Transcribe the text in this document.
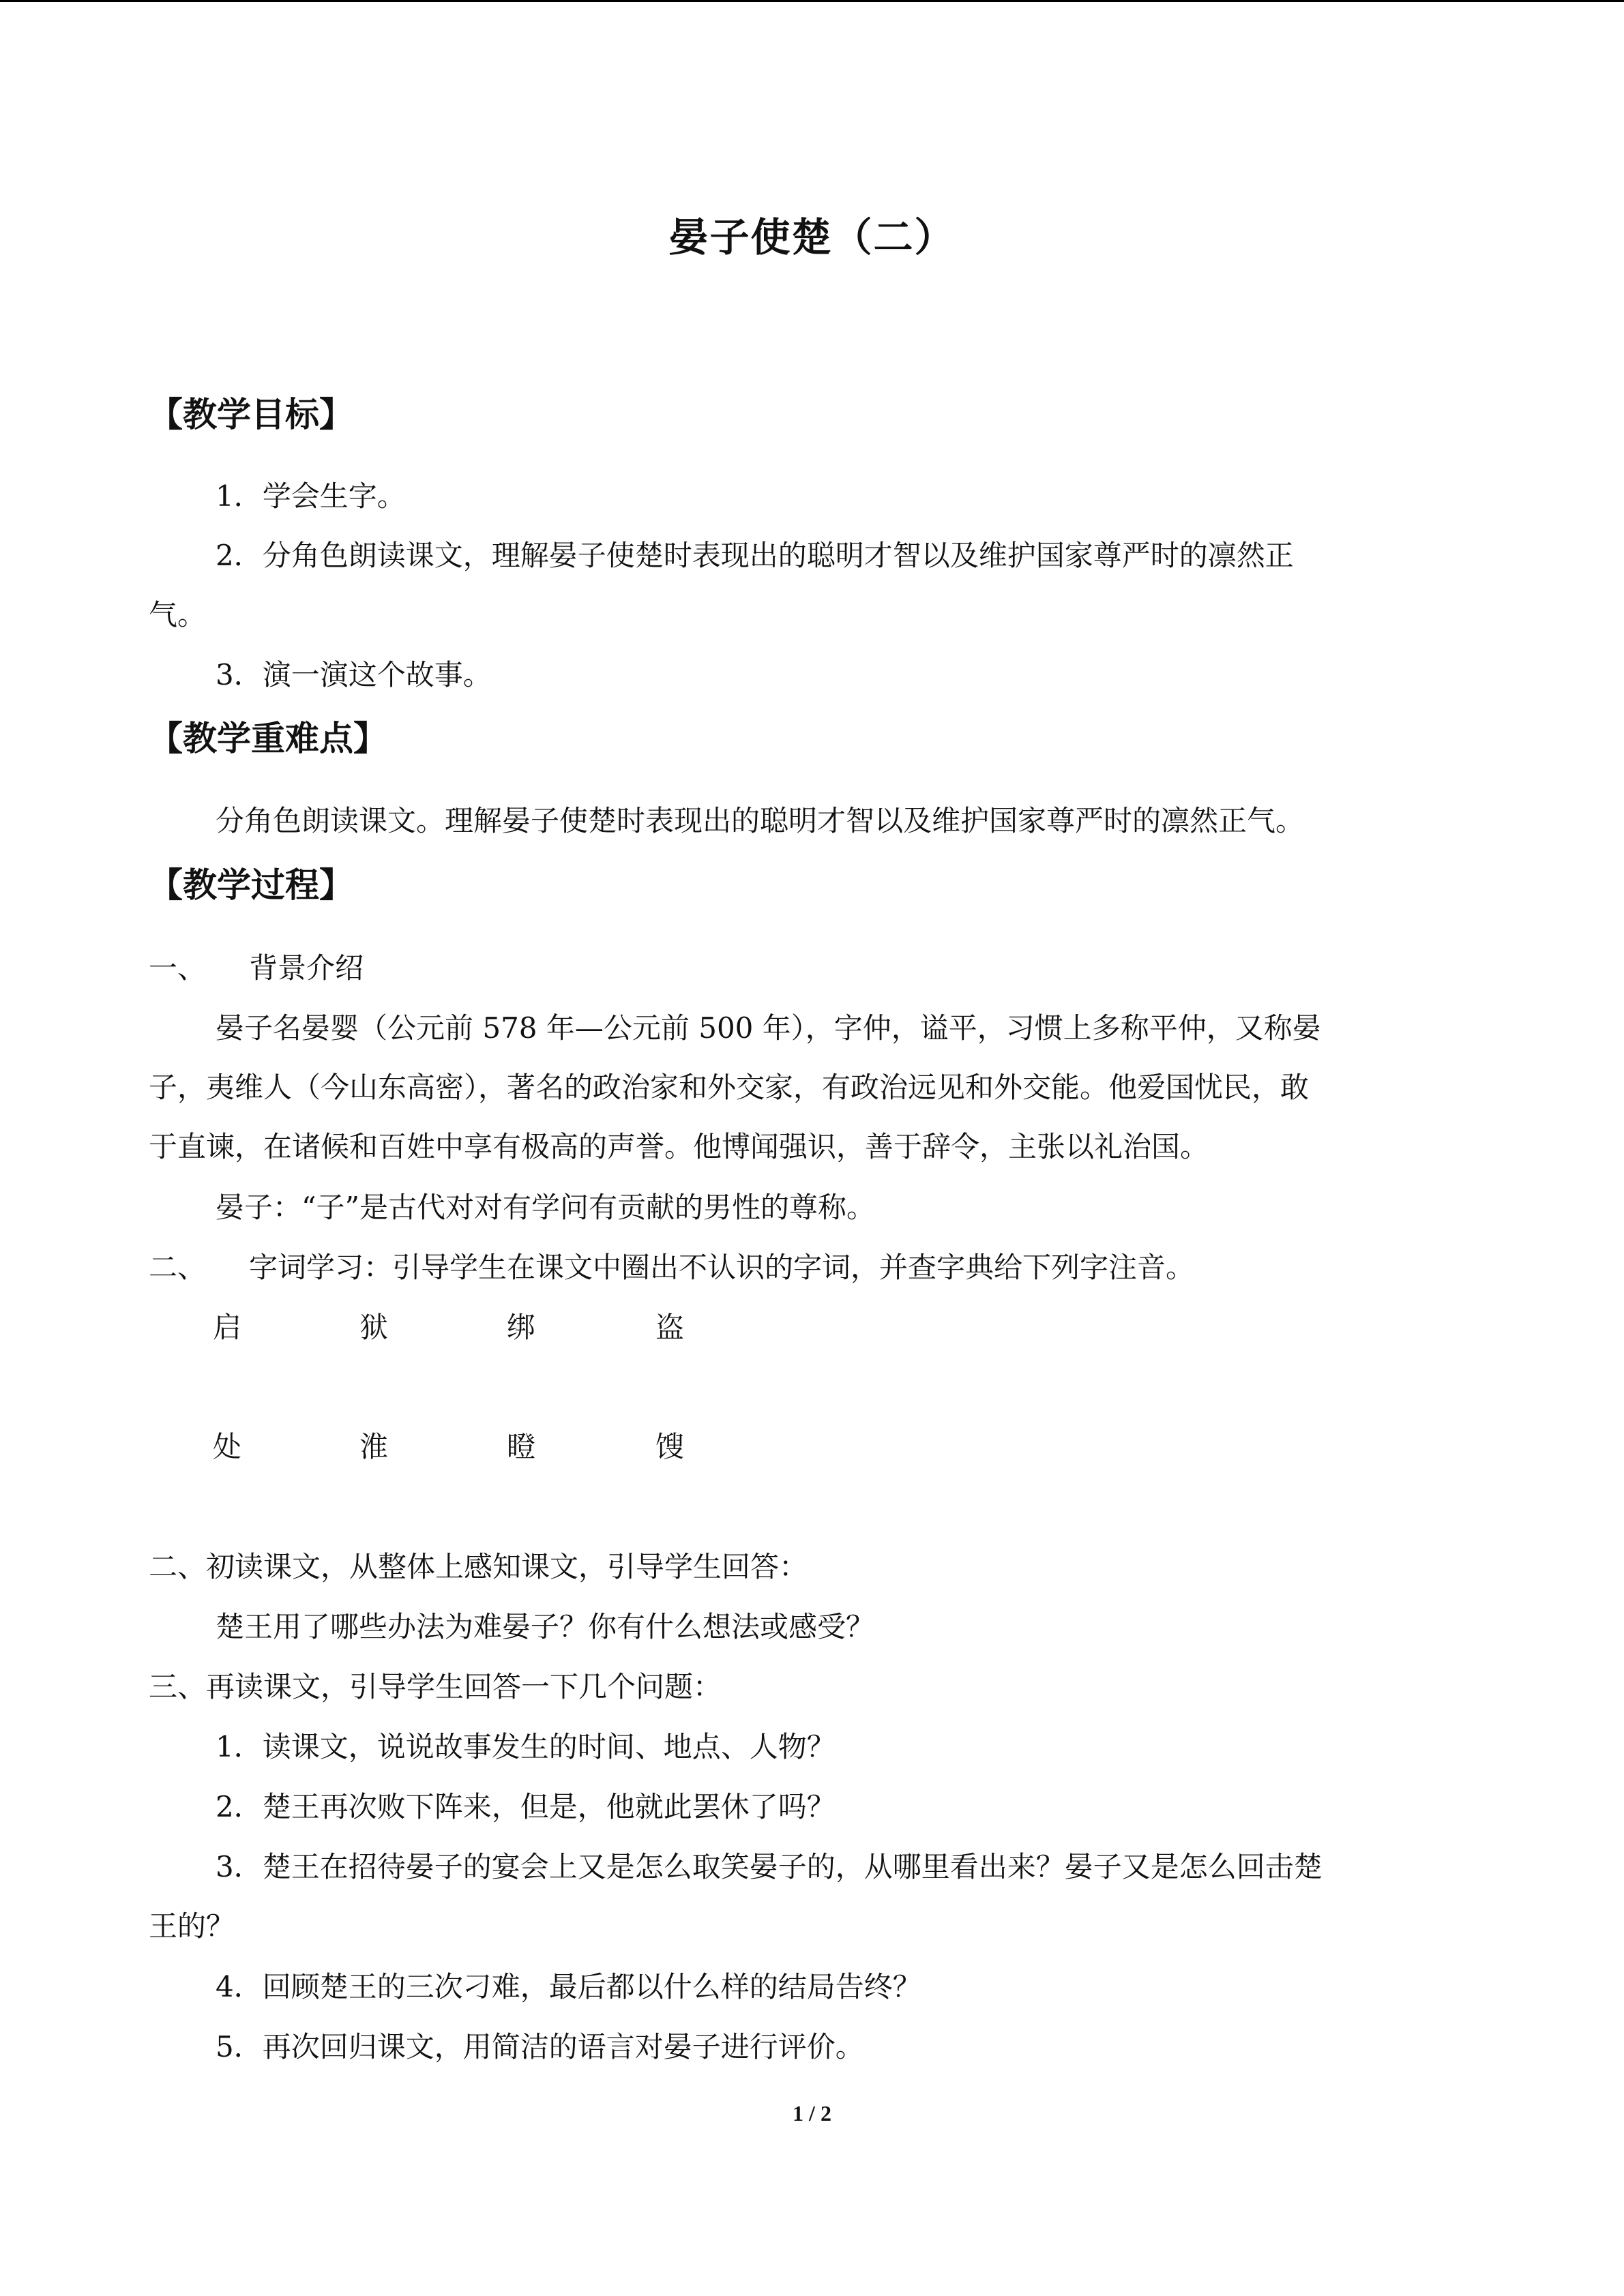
晏子使楚（二）
【教学目标】
1．学会生字。
2．分角色朗读课文，理解晏子使楚时表现出的聪明才智以及维护国家尊严时的凛然正
气。
3．演一演这个故事。
【教学重难点】
分角色朗读课文。理解晏子使楚时表现出的聪明才智以及维护国家尊严时的凛然正气。
【教学过程】
一、　　背景介绍
晏子名晏婴（公元前 578 年—公元前 500 年），字仲，谥平，习惯上多称平仲，又称晏
子，夷维人（今山东高密），著名的政治家和外交家，有政治远见和外交能。他爱国忧民，敢
于直谏，在诸候和百姓中享有极高的声誉。他博闻强识，善于辞令，主张以礼治国。
晏子：“子”是古代对对有学问有贡献的男性的尊称。
二、　　字词学习：引导学生在课文中圈出不认识的字词，并查字典给下列字注音。
启	狱	绑	盗
处	淮	瞪	馊
二、初读课文，从整体上感知课文，引导学生回答：
楚王用了哪些办法为难晏子？你有什么想法或感受？
三、再读课文，引导学生回答一下几个问题：
1．读课文，说说故事发生的时间、地点、人物？
2．楚王再次败下阵来，但是，他就此罢休了吗？
3．楚王在招待晏子的宴会上又是怎么取笑晏子的，从哪里看出来？晏子又是怎么回击楚
王的？
4．回顾楚王的三次刁难，最后都以什么样的结局告终？
5．再次回归课文，用简洁的语言对晏子进行评价。
1 / 2
